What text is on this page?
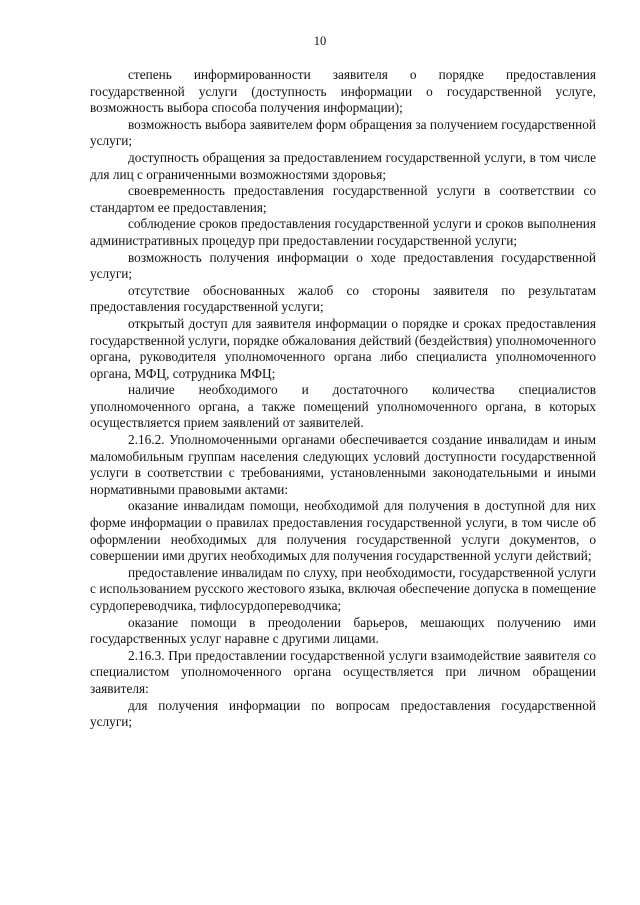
10

степень информированности заявителя о порядке предоставления государственной услуги (доступность информации о государственной услуге, возможность выбора способа получения информации);

возможность выбора заявителем форм обращения за получением государственной услуги;

доступность обращения за предоставлением государственной услуги, в том числе для лиц с ограниченными возможностями здоровья;

своевременность предоставления государственной услуги в соответствии со стандартом ее предоставления;

соблюдение сроков предоставления государственной услуги и сроков выполнения административных процедур при предоставлении государственной услуги;

возможность получения информации о ходе предоставления государственной услуги;

отсутствие обоснованных жалоб со стороны заявителя по результатам предоставления государственной услуги;

открытый доступ для заявителя информации о порядке и сроках предоставления государственной услуги, порядке обжалования действий (бездействия) уполномоченного органа, руководителя уполномоченного органа либо специалиста уполномоченного органа, МФЦ, сотрудника МФЦ;

наличие необходимого и достаточного количества специалистов уполномоченного органа, а также помещений уполномоченного органа, в которых осуществляется прием заявлений от заявителей.

2.16.2. Уполномоченными органами обеспечивается создание инвалидам и иным маломобильным группам населения следующих условий доступности государственной услуги в соответствии с требованиями, установленными законодательными и иными нормативными правовыми актами:

оказание инвалидам помощи, необходимой для получения в доступной для них форме информации о правилах предоставления государственной услуги, в том числе об оформлении необходимых для получения государственной услуги документов, о совершении ими других необходимых для получения государственной услуги действий;

предоставление инвалидам по слуху, при необходимости, государственной услуги с использованием русского жестового языка, включая обеспечение допуска в помещение сурдопереводчика, тифлосурдопереводчика;

оказание помощи в преодолении барьеров, мешающих получению ими государственных услуг наравне с другими лицами.

2.16.3. При предоставлении государственной услуги взаимодействие заявителя со специалистом уполномоченного органа осуществляется при личном обращении заявителя:

для получения информации по вопросам предоставления государственной услуги;
